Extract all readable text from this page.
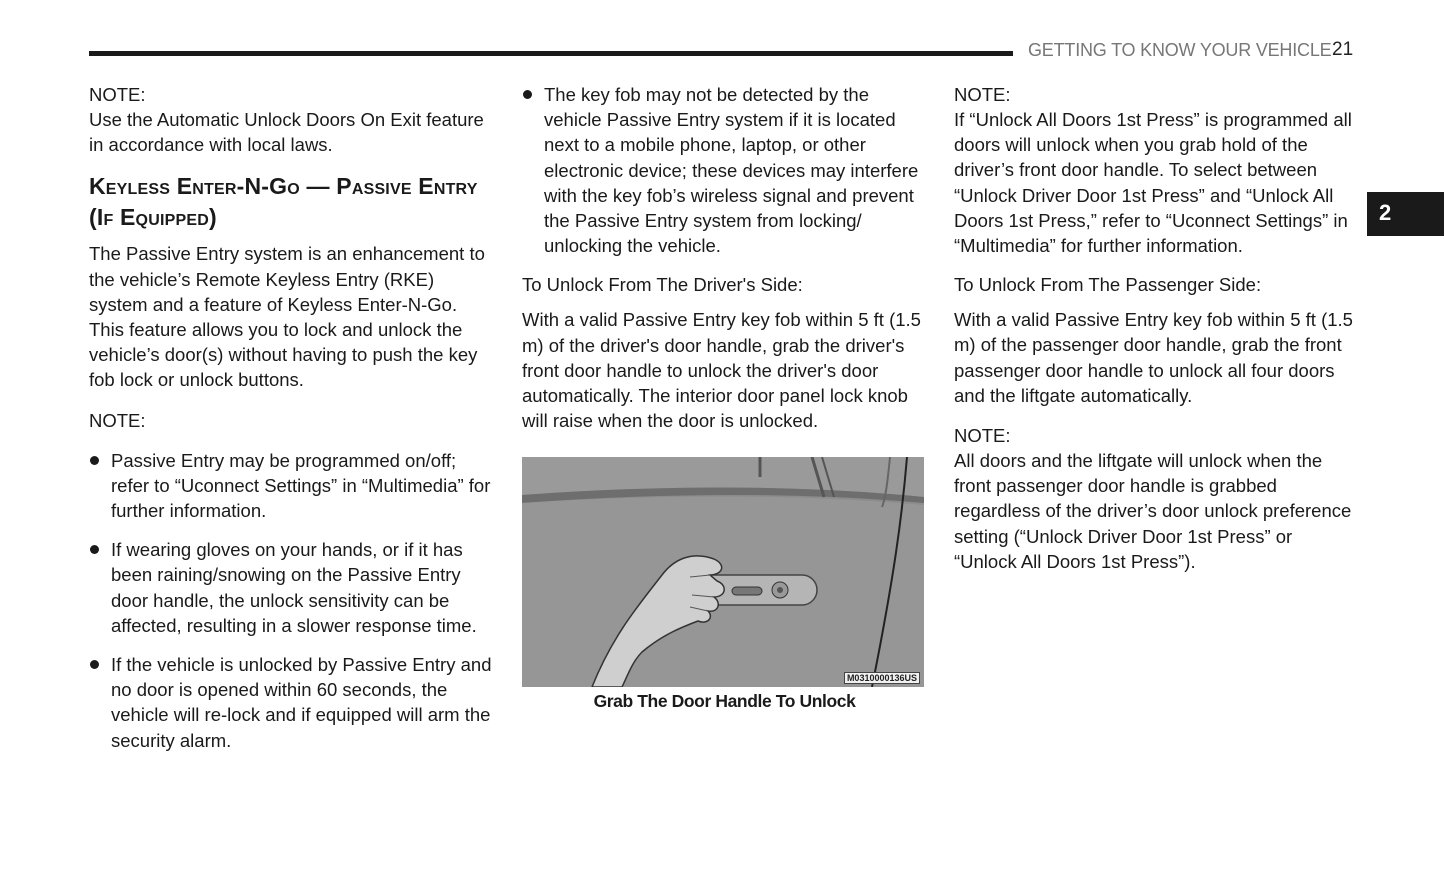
GETTING TO KNOW YOUR VEHICLE 21
2
NOTE:

Use the Automatic Unlock Doors On Exit feature in accordance with local laws.

Keyless Enter-N-Go — Passive Entry (If Equipped)

The Passive Entry system is an enhancement to the vehicle’s Remote Keyless Entry (RKE) system and a feature of Keyless Enter-N-Go. This feature allows you to lock and unlock the vehicle’s door(s) without having to push the key fob lock or unlock buttons.

NOTE:
Passive Entry may be programmed on/off; refer to “Uconnect Settings” in “Multimedia” for further information.
If wearing gloves on your hands, or if it has been raining/snowing on the Passive Entry door handle, the unlock sensitivity can be affected, resulting in a slower response time.
If the vehicle is unlocked by Passive Entry and no door is opened within 60 seconds, the vehicle will re-lock and if equipped will arm the security alarm.
The key fob may not be detected by the vehicle Passive Entry system if it is located next to a mobile phone, laptop, or other electronic device; these devices may interfere with the key fob’s wireless signal and prevent the Passive Entry system from locking/ unlocking the vehicle.
To Unlock From The Driver's Side:

With a valid Passive Entry key fob within 5 ft (1.5 m) of the driver's door handle, grab the driver's front door handle to unlock the driver's door automatically. The interior door panel lock knob will raise when the door is unlocked.

M0310000136US
Grab The Door Handle To Unlock
NOTE:

If “Unlock All Doors 1st Press” is programmed all doors will unlock when you grab hold of the driver’s front door handle. To select between “Unlock Driver Door 1st Press” and “Unlock All Doors 1st Press,” refer to “Uconnect Settings” in “Multimedia” for further information.

To Unlock From The Passenger Side:

With a valid Passive Entry key fob within 5 ft (1.5 m) of the passenger door handle, grab the front passenger door handle to unlock all four doors and the liftgate automatically.

NOTE:

All doors and the liftgate will unlock when the front passenger door handle is grabbed regardless of the driver’s door unlock preference setting (“Unlock Driver Door 1st Press” or “Unlock All Doors 1st Press”).
